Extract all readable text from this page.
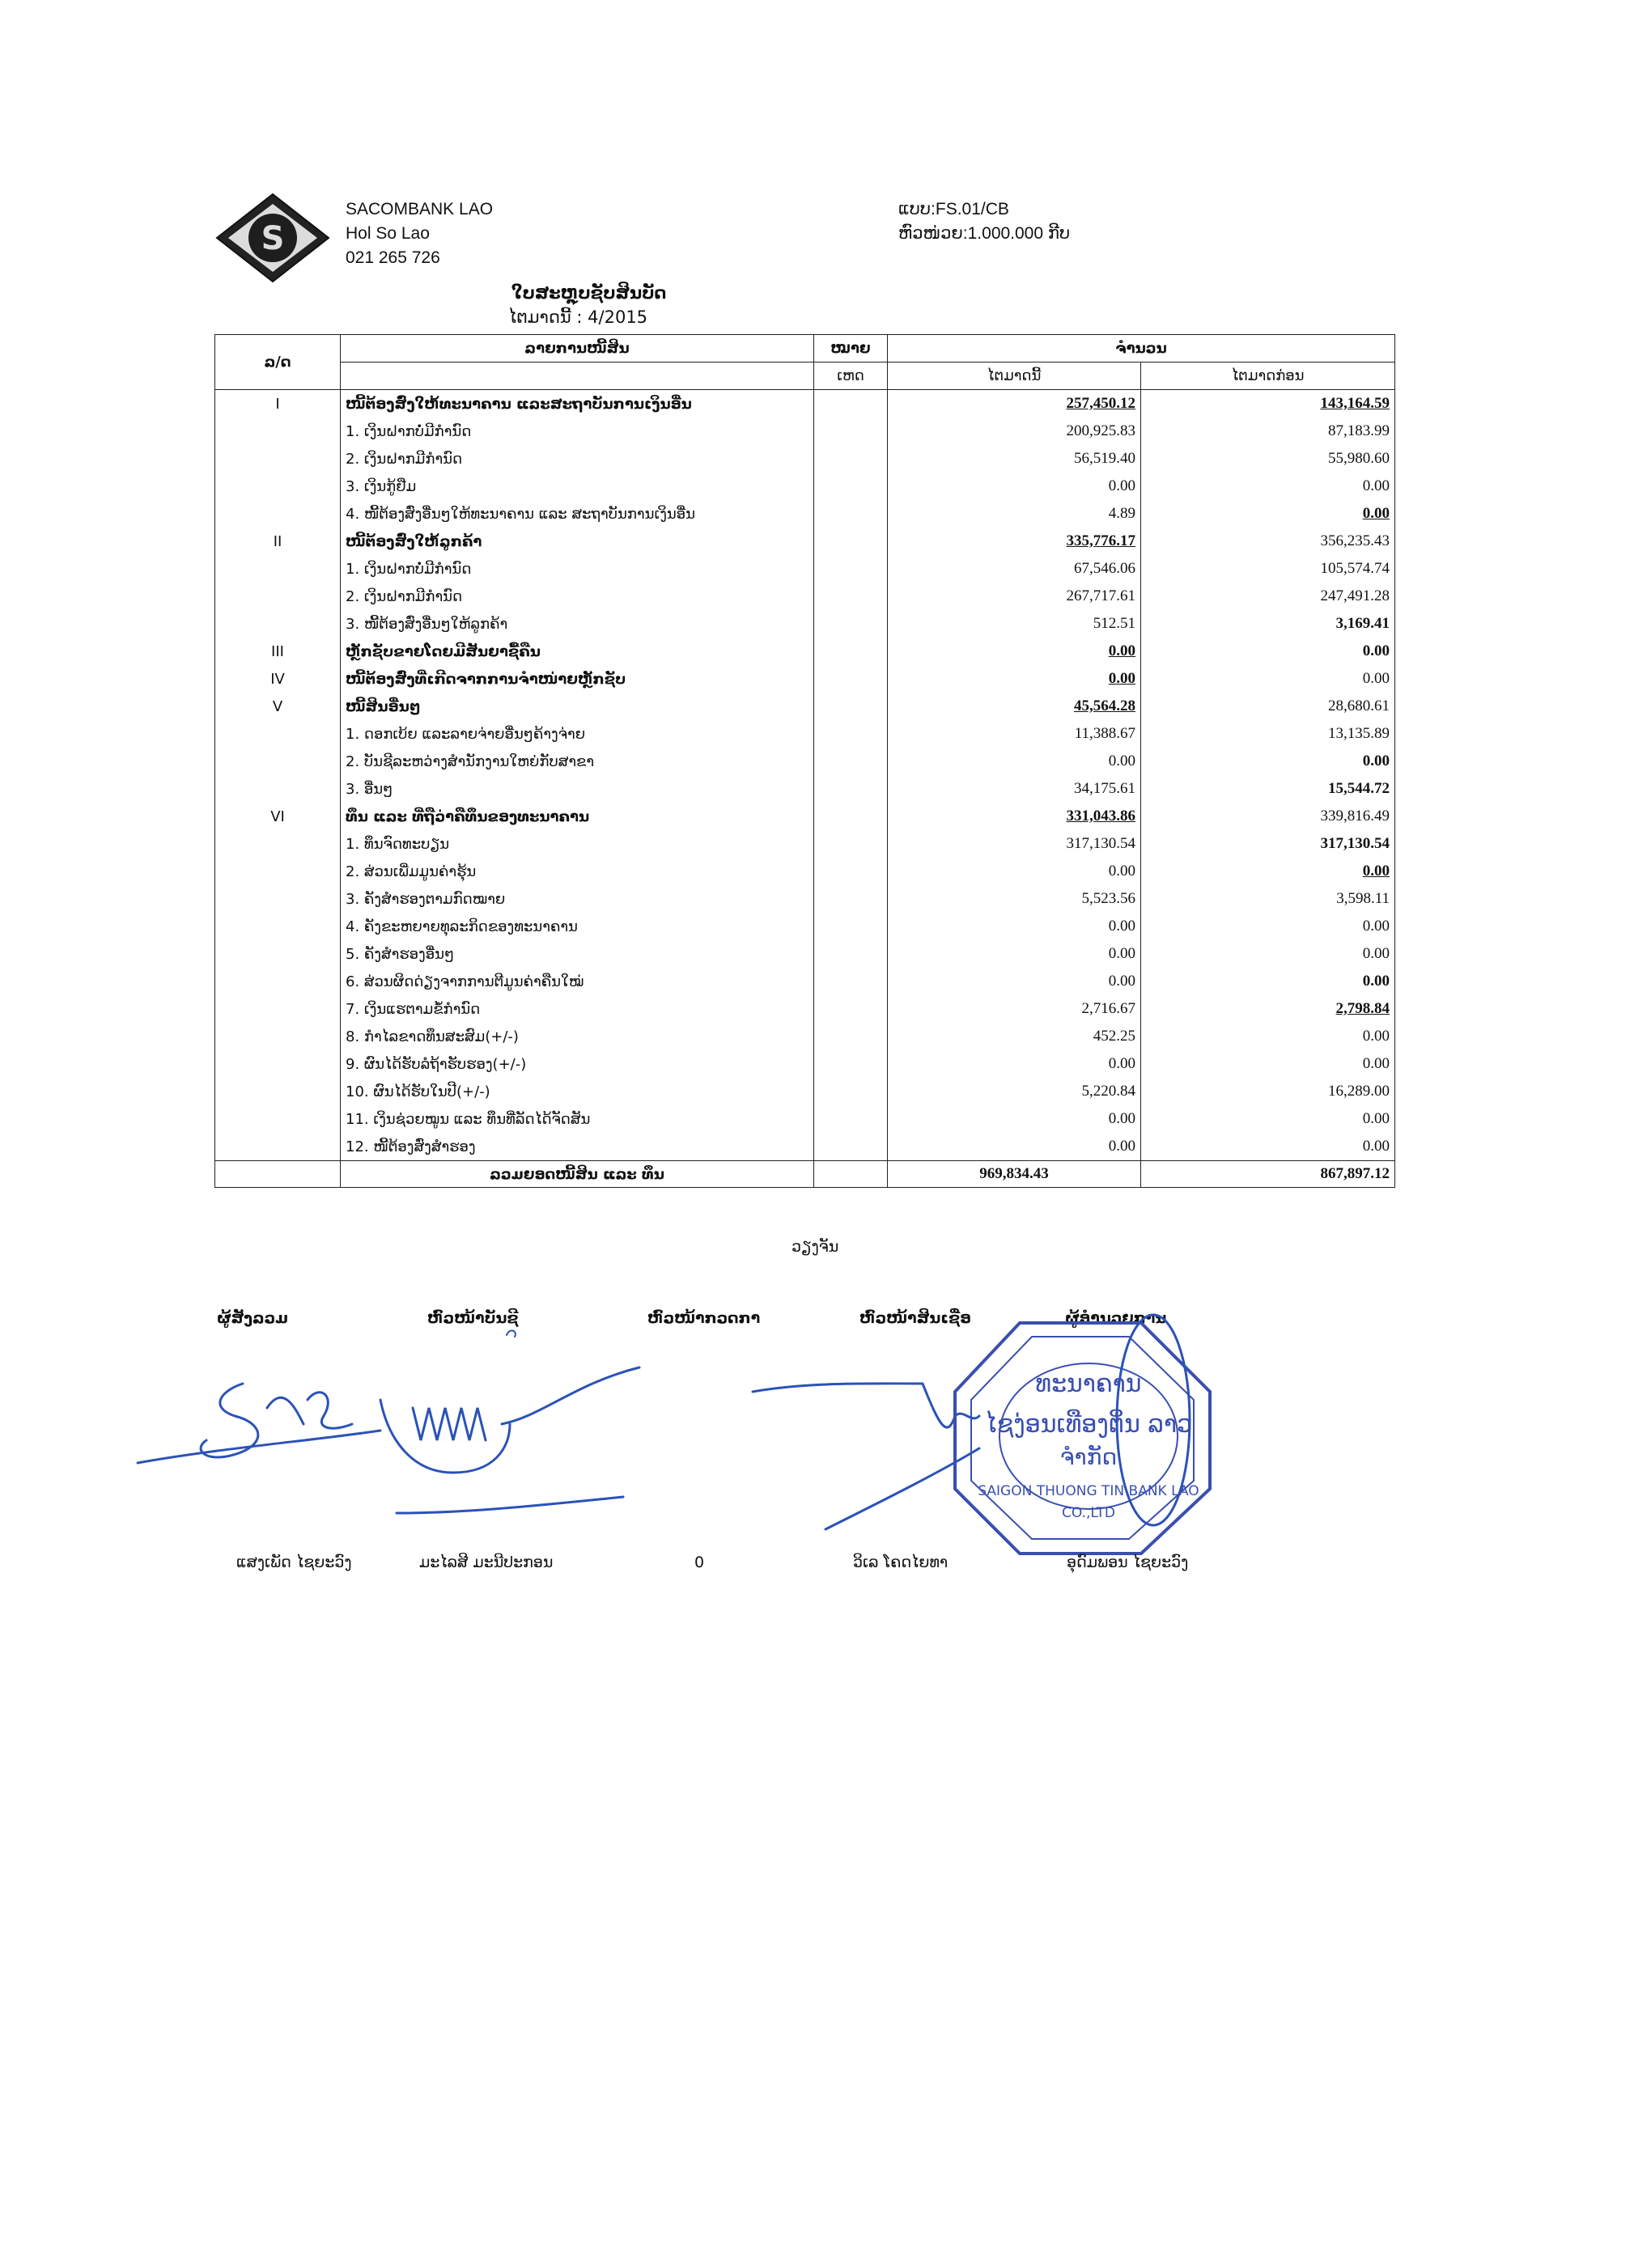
S
SACOMBANK LAO
Hol So Lao
021 265 726
ແບບ:FS.01/CB
ຫົວໜ່ວຍ:1.000.000 ກີບ
ໃບສະຫຼຸບຊັບສິນບັດ
ໄຕມາດນີ້ : 4/2015
ລ/ດ	ລາຍການໜີ້ສິນ	ໝາຍ	ຈຳນວນ	
		ເຫດ	ໄຕມາດນີ້	ໄຕມາດກ່ອນ
I	ໜີ້ຕ້ອງສົ່ງໃຫ້ທະນາຄານ ແລະສະຖາບັນການເງິນອື່ນ		257,450.12	143,164.59
	1. ເງິນຝາກບໍ່ມີກຳນົດ		200,925.83	87,183.99
	2. ເງິນຝາກມີກຳນົດ		56,519.40	55,980.60
	3. ເງິນກູ້ຢືມ		0.00	0.00
	4. ໜີ້ຕ້ອງສົ່ງອື່ນໆໃຫ້ທະນາຄານ ແລະ ສະຖາບັນການເງິນອື່ນ		4.89	0.00
II	ໜີ້ຕ້ອງສົ່ງໃຫ້ລູກຄ້າ		335,776.17	356,235.43
	1. ເງິນຝາກບໍ່ມີກຳນົດ		67,546.06	105,574.74
	2. ເງິນຝາກມີກຳນົດ		267,717.61	247,491.28
	3. ໜີ້ຕ້ອງສົ່ງອື່ນໆໃຫ້ລູກຄ້າ		512.51	3,169.41
III	ຫຼັກຊັບຂາຍໂດຍມີສັນຍາຊື້ຄືນ		0.00	0.00
IV	ໜີ້ຕ້ອງສົ່ງທີ່ເກີດຈາກການຈຳໜ່າຍຫຼັກຊັບ		0.00	0.00
V	ໜີ້ສິນອື່ນໆ		45,564.28	28,680.61
	1. ດອກເບ້ຍ ແລະລາຍຈ່າຍອື່ນໆຄ້າງຈ່າຍ		11,388.67	13,135.89
	2. ບັນຊີລະຫວ່າງສຳນັກງານໃຫຍ່ກັບສາຂາ		0.00	0.00
	3. ອື່ນໆ		34,175.61	15,544.72
VI	ທຶນ ແລະ ທີ່ຖືວ່າຄືທຶນຂອງທະນາຄານ		331,043.86	339,816.49
	1. ທຶນຈົດທະບຽນ		317,130.54	317,130.54
	2. ສ່ວນເພີ່ມມູນຄ່າຮຸ້ນ		0.00	0.00
	3. ຄັງສຳຮອງຕາມກົດໝາຍ		5,523.56	3,598.11
	4. ຄັງຂະຫຍາຍທຸລະກິດຂອງທະນາຄານ		0.00	0.00
	5. ຄັງສຳຮອງອື່ນໆ		0.00	0.00
	6. ສ່ວນຜິດດ່ຽງຈາກການຕີມູນຄ່າຄືນໃໝ່		0.00	0.00
	7. ເງິນແຮຕາມຂໍ້ກຳນົດ		2,716.67	2,798.84
	8. ກຳໄລຂາດທຶນສະສົມ(+/-)		452.25	0.00
	9. ຜົນໄດ້ຮັບລໍຖ້າຮັບຮອງ(+/-)		0.00	0.00
	10. ຜົນໄດ້ຮັບໃນປີ(+/-)		5,220.84	16,289.00
	11. ເງິນຊ່ວຍໝູນ ແລະ ທຶນທີ່ລັດໄດ້ຈັດສັນ		0.00	0.00
	12. ໜີ້ຕ້ອງສົ່ງສຳຮອງ		0.00	0.00
	ລວມຍອດໜີ້ສິນ ແລະ ທຶນ		969,834.43	867,897.12
ວຽງຈັນ
ຜູ້ສັງລວມ	ຫົວໜ້າບັນຊີ	ຫົວໜ້າກວດກາ	ຫົວໜ້າສິນເຊື່ອ	ຜູ້ອຳນວຍການ
ທະນາຄານ
ໄຊງ່ອນເທືອງຕິ່ນ ລາວ
ຈຳກັດ
SAIGON THUONG TIN BANK LAO
CO.,LTD
ແສງເພັດ ໄຊຍະວົງ	ມະໄລສີ ມະນີປະກອນ	0	ວິເລ ໂຄດໄຍທາ	ອຸດົມພອນ ໄຊຍະວົງ
